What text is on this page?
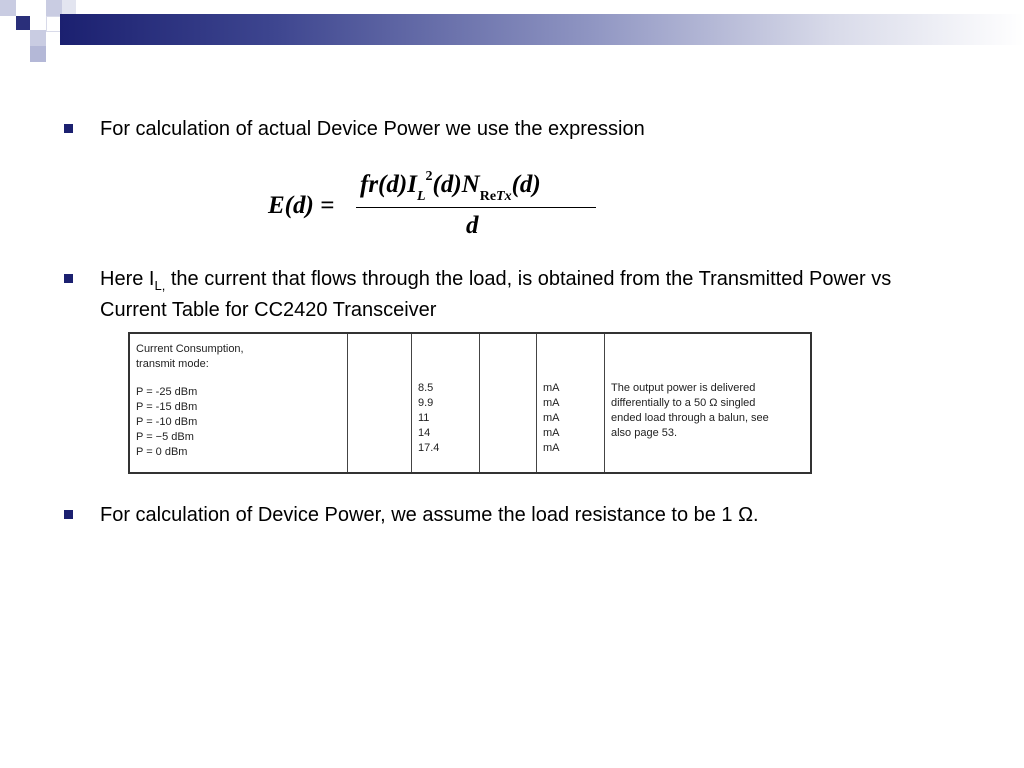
For calculation of actual Device Power we use the expression
E(d) =
$fr(d)I_L^2(d)N_{ReTx}(d)$
d
Here $I_{L,}$ the current that flows through the load, is obtained from the Transmitted Power vs Current Table for CC2420 Transceiver
Current Consumption,
transmit mode:
P = -25 dBm
P = -15 dBm
P = -10 dBm
P = −5 dBm
P = 0 dBm
8.5
9.9
11
14
17.4
mA
mA
mA
mA
mA
The output power is delivered
differentially to a 50 Ω singled
ended load through a balun, see
also page 53.
For calculation of Device Power, we assume the load resistance to be 1 Ω.
